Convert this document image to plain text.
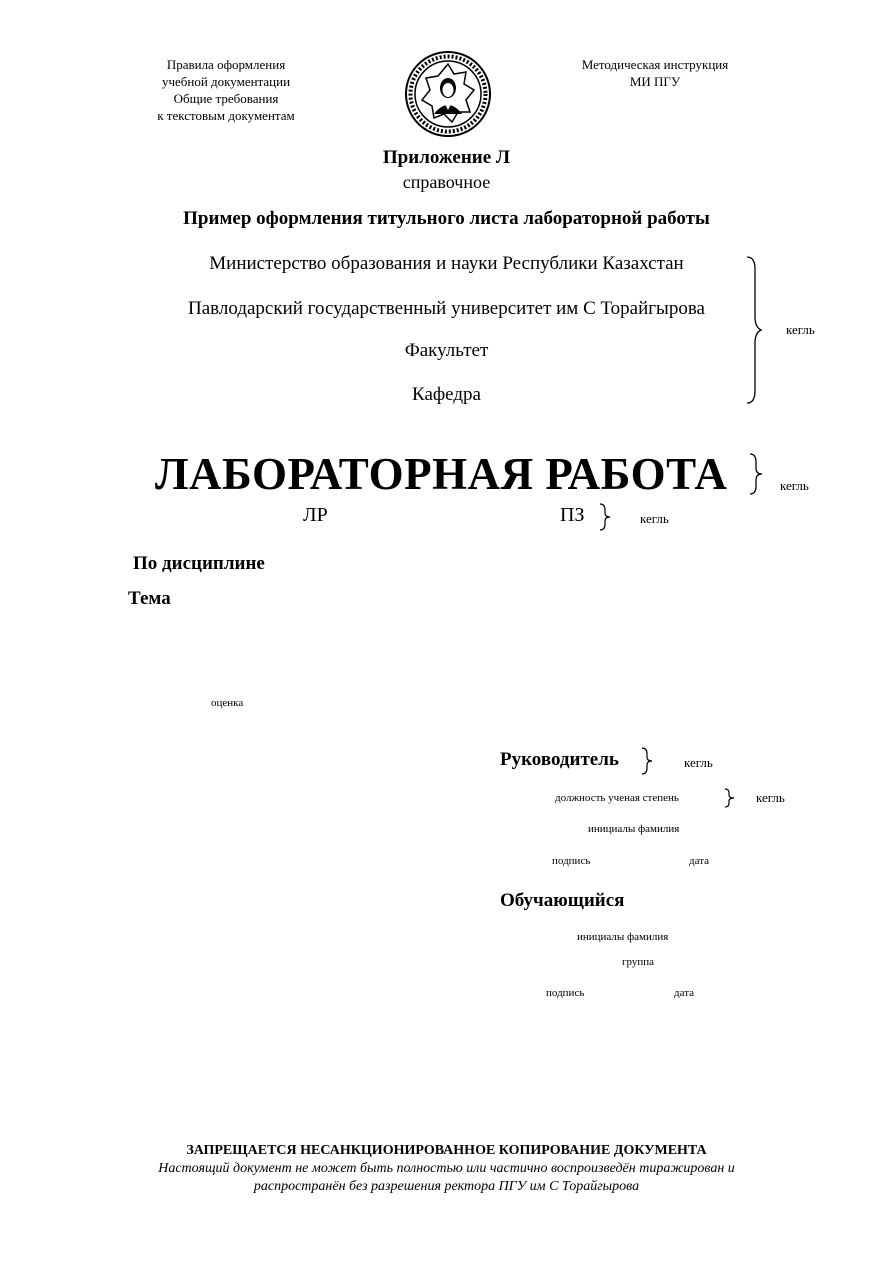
Правила оформления
учебной документации
Общие требования
к текстовым документам
Методическая инструкция
МИ ПГУ
Приложение Л
справочное
Пример оформления титульного листа лабораторной работы
Министерство образования и науки Республики Казахстан
Павлодарский государственный университет им С Торайгырова
Факультет
Кафедра
кегль
ЛАБОРАТОРНАЯ РАБОТА	кегль
ЛР	ПЗ	кегль
По дисциплине
Тема
оценка
Руководитель	кегль
должность ученая степень	кегль
инициалы фамилия
подпись	дата
Обучающийся
инициалы фамилия
группа
подпись	дата
ЗАПРЕЩАЕТСЯ НЕСАНКЦИОНИРОВАННОЕ КОПИРОВАНИЕ ДОКУМЕНТА
Настоящий документ не может быть полностью или частично воспроизведён тиражирован и
распространён без разрешения ректора ПГУ им С Торайгырова
